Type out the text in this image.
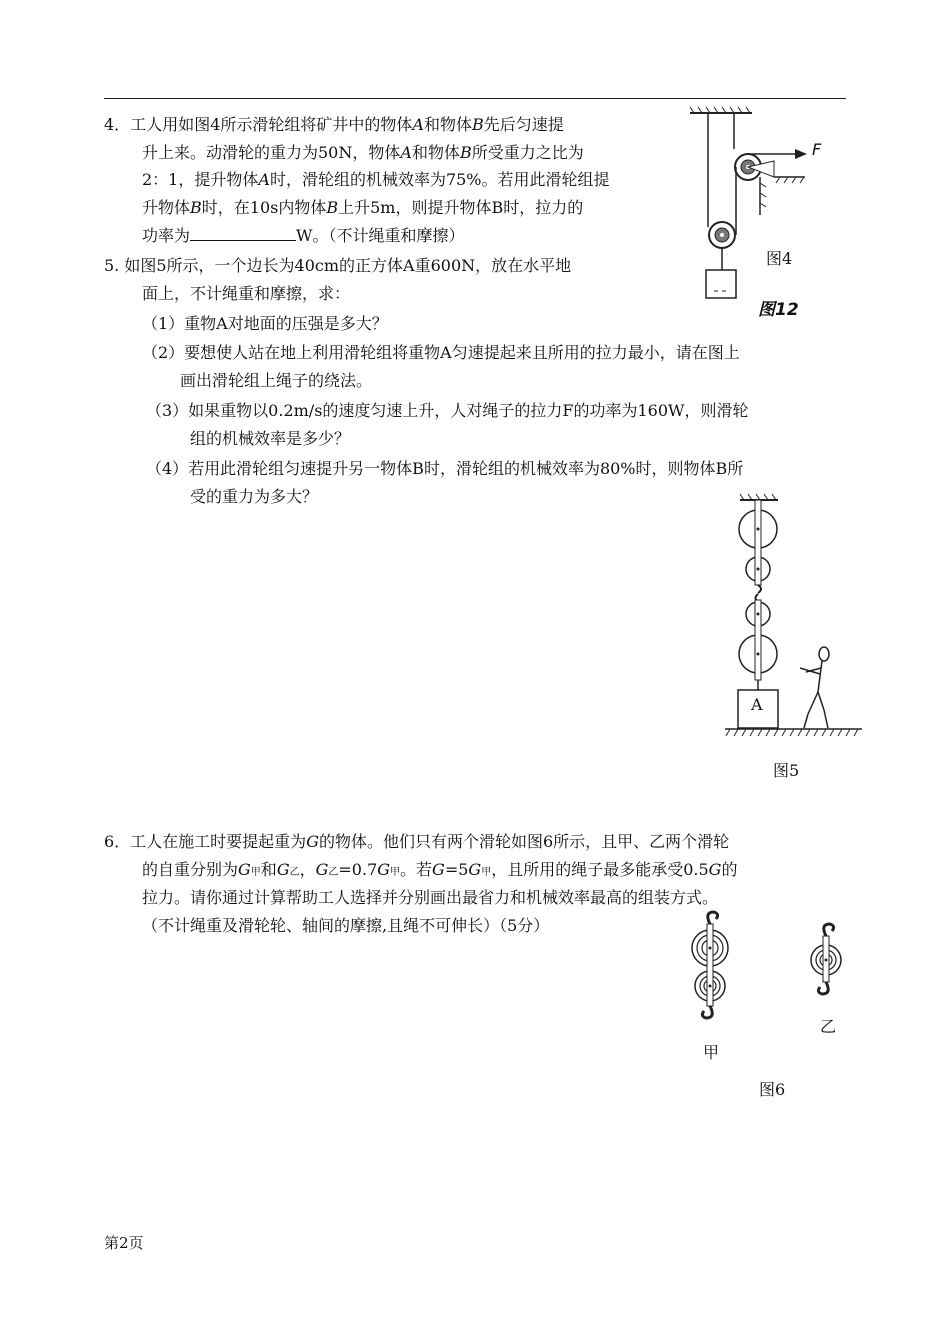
4．工人用如图4所示滑轮组将矿井中的物体A和物体B先后匀速提
升上来。动滑轮的重力为50N，物体A和物体B所受重力之比为
2：1，提升物体A时，滑轮组的机械效率为75%。若用此滑轮组提
升物体B时，在10s内物体B上升5m，则提升物体B时，拉力的
功率为	W。（不计绳重和摩擦）
5. 如图5所示，一个边长为40cm的正方体A重600N，放在水平地
面上，不计绳重和摩擦，求：
（1）重物A对地面的压强是多大？
（2）要想使人站在地上利用滑轮组将重物A匀速提起来且所用的拉力最小，请在图上
画出滑轮组上绳子的绕法。
（3）如果重物以0.2m/s的速度匀速上升，人对绳子的拉力F的功率为160W，则滑轮
组的机械效率是多少？
（4）若用此滑轮组匀速提升另一物体B时，滑轮组的机械效率为80%时，则物体B所
受的重力为多大？
6．工人在施工时要提起重为G的物体。他们只有两个滑轮如图6所示，且甲、乙两个滑轮
的自重分别为G甲和G乙，G乙=0.7G甲。若G=5G甲，且所用的绳子最多能承受0.5G的
拉力。请你通过计算帮助工人选择并分别画出最省力和机械效率最高的组装方式。
（不计绳重及滑轮轮、轴间的摩擦,且绳不可伸长）（5分）
F
图4
图12
A
图5
乙
甲
图6
第2页
